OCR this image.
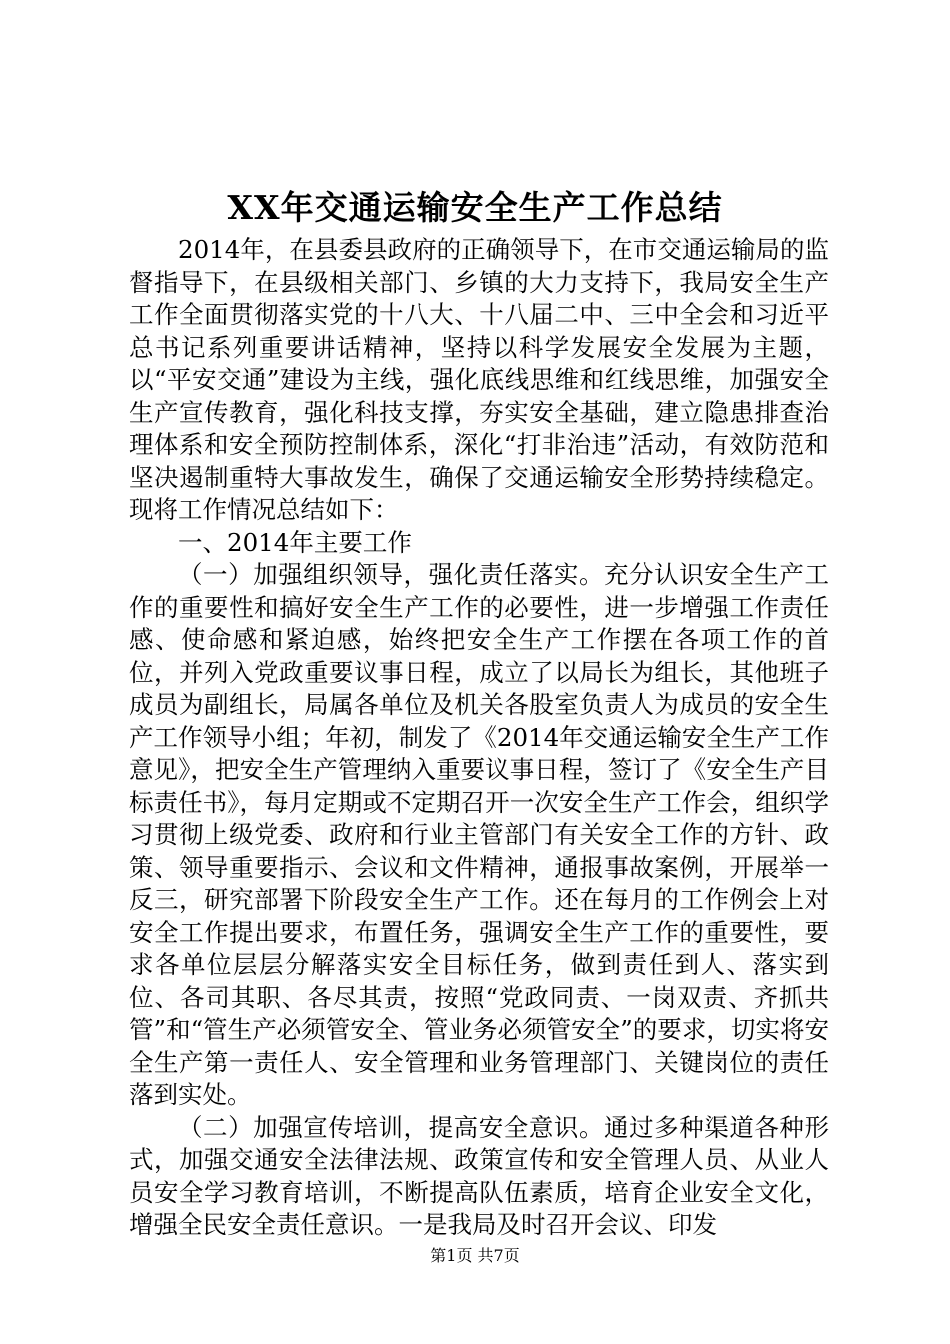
XX年交通运输安全生产工作总结

2014年，在县委县政府的正确领导下，在市交通运输局的监督指导下，在县级相关部门、乡镇的大力支持下，我局安全生产工作全面贯彻落实党的十八大、十八届二中、三中全会和习近平总书记系列重要讲话精神，坚持以科学发展安全发展为主题，以“平安交通”建设为主线，强化底线思维和红线思维，加强安全生产宣传教育，强化科技支撑，夯实安全基础，建立隐患排查治理体系和安全预防控制体系，深化“打非治违”活动，有效防范和坚决遏制重特大事故发生，确保了交通运输安全形势持续稳定。现将工作情况总结如下：

一、2014年主要工作

（一）加强组织领导，强化责任落实。充分认识安全生产工作的重要性和搞好安全生产工作的必要性，进一步增强工作责任感、使命感和紧迫感，始终把安全生产工作摆在各项工作的首位，并列入党政重要议事日程，成立了以局长为组长，其他班子成员为副组长，局属各单位及机关各股室负责人为成员的安全生产工作领导小组；年初，制发了《2014年交通运输安全生产工作意见》，把安全生产管理纳入重要议事日程，签订了《安全生产目标责任书》，每月定期或不定期召开一次安全生产工作会，组织学习贯彻上级党委、政府和行业主管部门有关安全工作的方针、政策、领导重要指示、会议和文件精神，通报事故案例，开展举一反三，研究部署下阶段安全生产工作。还在每月的工作例会上对安全工作提出要求，布置任务，强调安全生产工作的重要性，要求各单位层层分解落实安全目标任务，做到责任到人、落实到位、各司其职、各尽其责，按照“党政同责、一岗双责、齐抓共管”和“管生产必须管安全、管业务必须管安全”的要求，切实将安全生产第一责任人、安全管理和业务管理部门、关键岗位的责任落到实处。

（二）加强宣传培训，提高安全意识。通过多种渠道各种形式，加强交通安全法律法规、政策宣传和安全管理人员、从业人员安全学习教育培训，不断提高队伍素质，培育企业安全文化，增强全民安全责任意识。一是我局及时召开会议、印发

第1页 共7页
